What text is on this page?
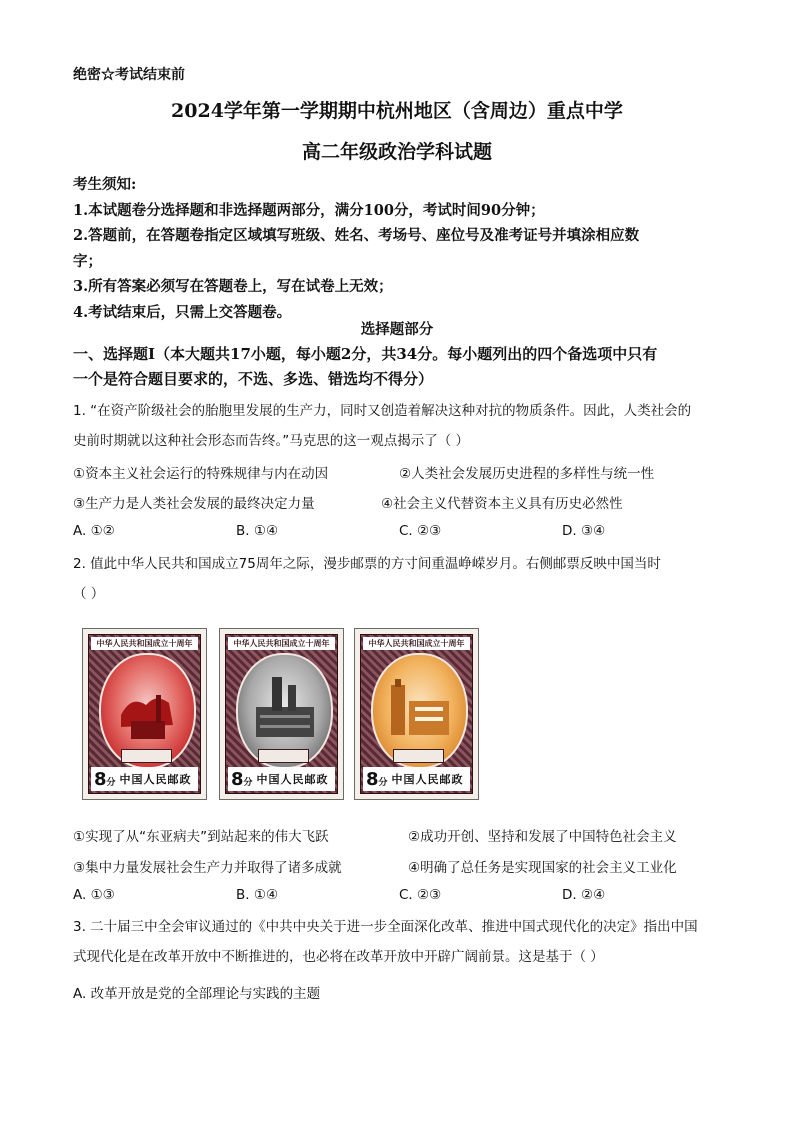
绝密☆考试结束前
2024学年第一学期期中杭州地区（含周边）重点中学
高二年级政治学科试题

考生须知:

1.本试题卷分选择题和非选择题两部分，满分100分，考试时间90分钟；

2.答题前，在答题卷指定区域填写班级、姓名、考场号、座位号及准考证号并填涂相应数

字；

3.所有答案必须写在答题卷上，写在试卷上无效；

4.考试结束后，只需上交答题卷。

选择题部分
一、选择题Ⅰ（本大题共17小题，每小题2分，共34分。每小题列出的四个备选项中只有
一个是符合题目要求的，不选、多选、错选均不得分）

1. “在资产阶级社会的胎胞里发展的生产力，同时又创造着解决这种对抗的物质条件。因此，人类社会的

史前时期就以这种社会形态而告终。”马克思的这一观点揭示了（ ）

①资本主义社会运行的特殊规律与内在动因	②人类社会发展历史进程的多样性与统一性
③生产力是人类社会发展的最终决定力量	④社会主义代替资本主义具有历史必然性
A. ①②	B. ①④	C. ②③	D. ③④

2. 值此中华人民共和国成立75周年之际，漫步邮票的方寸间重温峥嵘岁月。右侧邮票反映中国当时

（ ）

中华人民共和国成立十周年
8分 中国人民邮政
中华人民共和国成立十周年
8分 中国人民邮政
中华人民共和国成立十周年
8分 中国人民邮政
①实现了从“东亚病夫”到站起来的伟大飞跃	②成功开创、坚持和发展了中国特色社会主义
③集中力量发展社会生产力并取得了诸多成就	④明确了总任务是实现国家的社会主义工业化
A. ①③	B. ①④	C. ②③	D. ②④

3. 二十届三中全会审议通过的《中共中央关于进一步全面深化改革、推进中国式现代化的决定》指出中国

式现代化是在改革开放中不断推进的，也必将在改革开放中开辟广阔前景。这是基于（ ）

A. 改革开放是党的全部理论与实践的主题
